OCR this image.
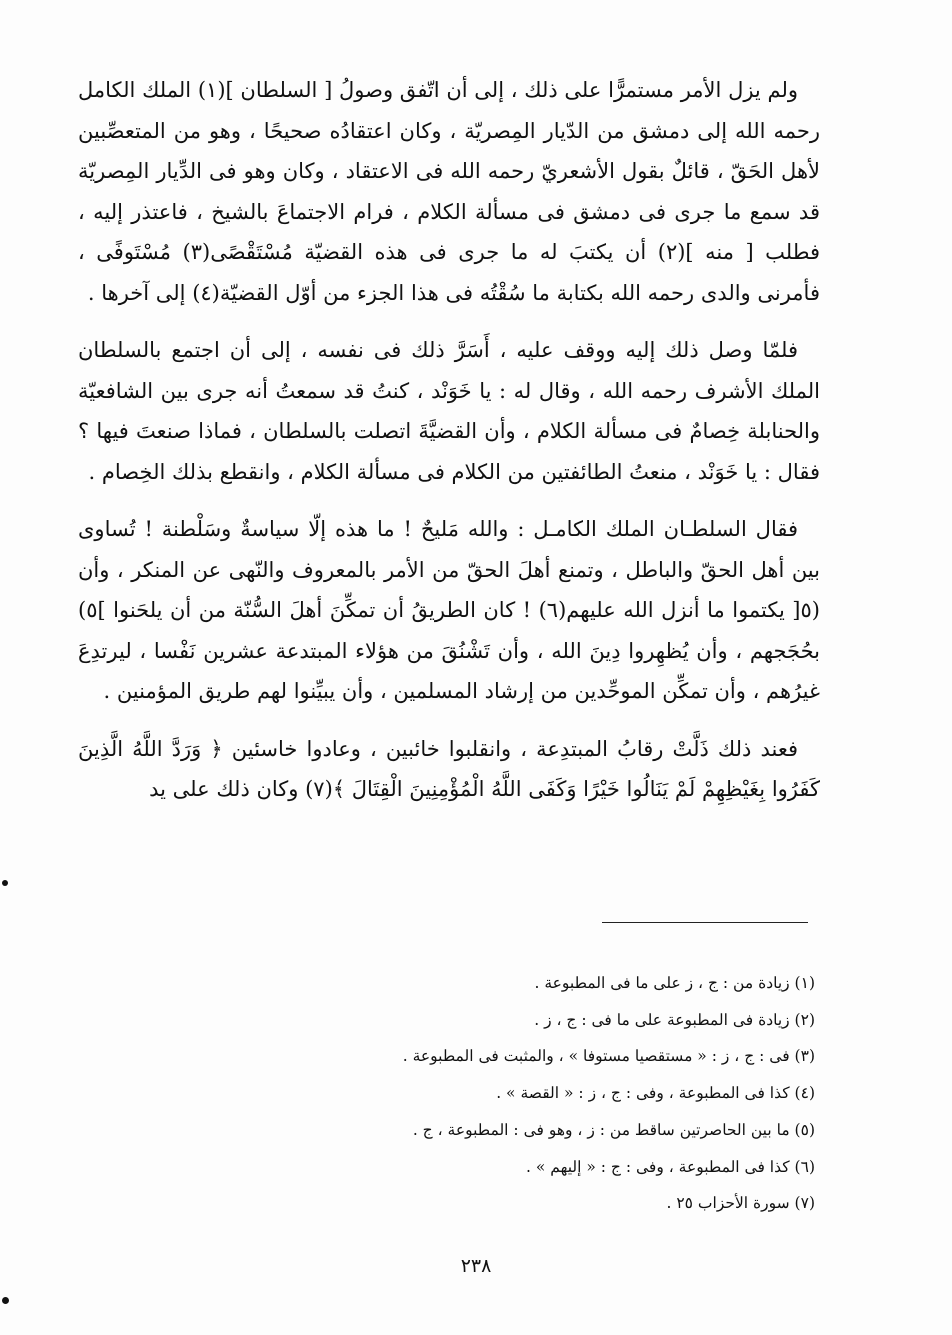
ولم يزل الأمر مستمرًّا على ذلك ، إلى أن اتّفق وصولُ [ السلطان ](١) الملك الكامل رحمه الله إلى دمشق من الدّيار المِصريّة ، وكان اعتقادُه صحيحًا ، وهو من المتعصِّبين لأهل الحَقّ ، قائلٌ بقول الأشعريّ رحمه الله فى الاعتقاد ، وكان وهو فى الدِّيار المِصريّة قد سمع ما جرى فى دمشق فى مسألة الكلام ، فرام الاجتماعَ بالشيخ ، فاعتذر إليه ، فطلب [ منه ](٢) أن يكتبَ له ما جرى فى هذه القضيّة مُسْتَقْصًى(٣) مُسْتَوفًى ، فأمرنى والدى رحمه الله بكتابة ما سُقْتُه فى هذا الجزء من أوّل القضيّة(٤) إلى آخرها .

فلمّا وصل ذلك إليه ووقف عليه ، أَسَرَّ ذلك فى نفسه ، إلى أن اجتمع بالسلطان الملك الأشرف رحمه الله ، وقال له : يا خَوَنْد ، كنتُ قد سمعتُ أنه جرى بين الشافعيّة والحنابلة خِصامٌ فى مسألة الكلام ، وأن القضيَّةَ اتصلت بالسلطان ، فماذا صنعتَ فيها ؟ فقال : يا خَوَنْد ، منعتُ الطائفتين من الكلام فى مسألة الكلام ، وانقطع بذلك الخِصام .

فقال السلطـان الملك الكامـل : والله مَليحٌ ! ما هذه إلّا سياسةٌ وسَلْطنة ! تُساوى بين أهل الحقّ والباطل ، وتمنع أهلَ الحقّ من الأمر بالمعروف والنّهى عن المنكر ، وأن (٥[ يكتموا ما أنزل الله عليهم(٦) ! كان الطريقُ أن تمكِّنَ أهلَ السُّنّة من أن يلحَنوا ]٥) بحُجَجهم ، وأن يُظهِروا دِينَ الله ، وأن تَشْنُقَ من هؤلاء المبتدعة عشرين نَفْسا ، ليرتدِعَ غيرُهم ، وأن تمكِّن الموحِّدين من إرشاد المسلمين ، وأن يبيِّنوا لهم طريق المؤمنين .

فعند ذلك ذَلَّتْ رقابُ المبتدِعة ، وانقلبوا خائبين ، وعادوا خاسئين ﴿ وَرَدَّ اللَّهُ الَّذِينَ كَفَرُوا بِغَيْظِهِمْ لَمْ يَنَالُوا خَيْرًا وَكَفَى اللَّهُ الْمُؤْمِنِينَ الْقِتَالَ ﴾(٧) وكان ذلك على يد

(١) زيادة من : ج ، ز على ما فى المطبوعة .
(٢) زيادة فى المطبوعة على ما فى : ج ، ز .
(٣) فى : ج ، ز : « مستقصيا مستوفا » ، والمثبت فى المطبوعة .
(٤) كذا فى المطبوعة ، وفى : ج ، ز : « القصة » .
(٥) ما بين الحاصرتين ساقط من : ز ، وهو فى : المطبوعة ، ج .
(٦) كذا فى المطبوعة ، وفى : ج : « إليهم » .
(٧) سورة الأحزاب ٢٥ .
٢٣٨
